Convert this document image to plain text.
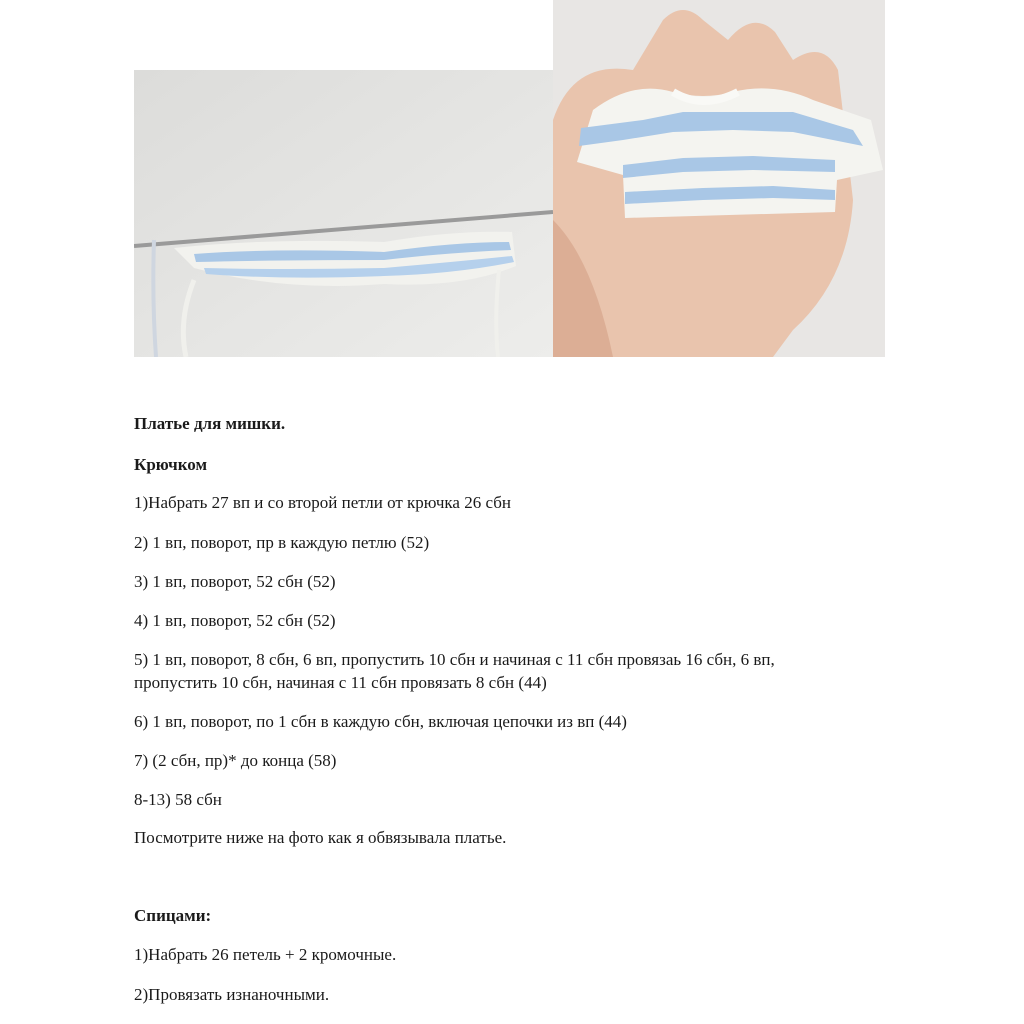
Платье для мишки.

Крючком

1)Набрать 27 вп и со второй петли от крючка 26 сбн

2) 1 вп, поворот, пр в каждую петлю (52)

3) 1 вп, поворот, 52 сбн (52)

4) 1 вп, поворот, 52 сбн (52)

5) 1 вп, поворот, 8 сбн, 6 вп, пропустить 10 сбн и начиная с 11 сбн провязаь 16 сбн, 6 вп,

пропустить 10 сбн, начиная с 11 сбн провязать 8 сбн (44)

6) 1 вп, поворот, по 1 сбн в каждую сбн, включая цепочки из вп (44)

7) (2 сбн, пр)* до конца (58)

8-13) 58 сбн

Посмотрите ниже на фото как я обвязывала платье.

Спицами:

1)Набрать 26 петель + 2 кромочные.

2)Провязать изнаночными.
